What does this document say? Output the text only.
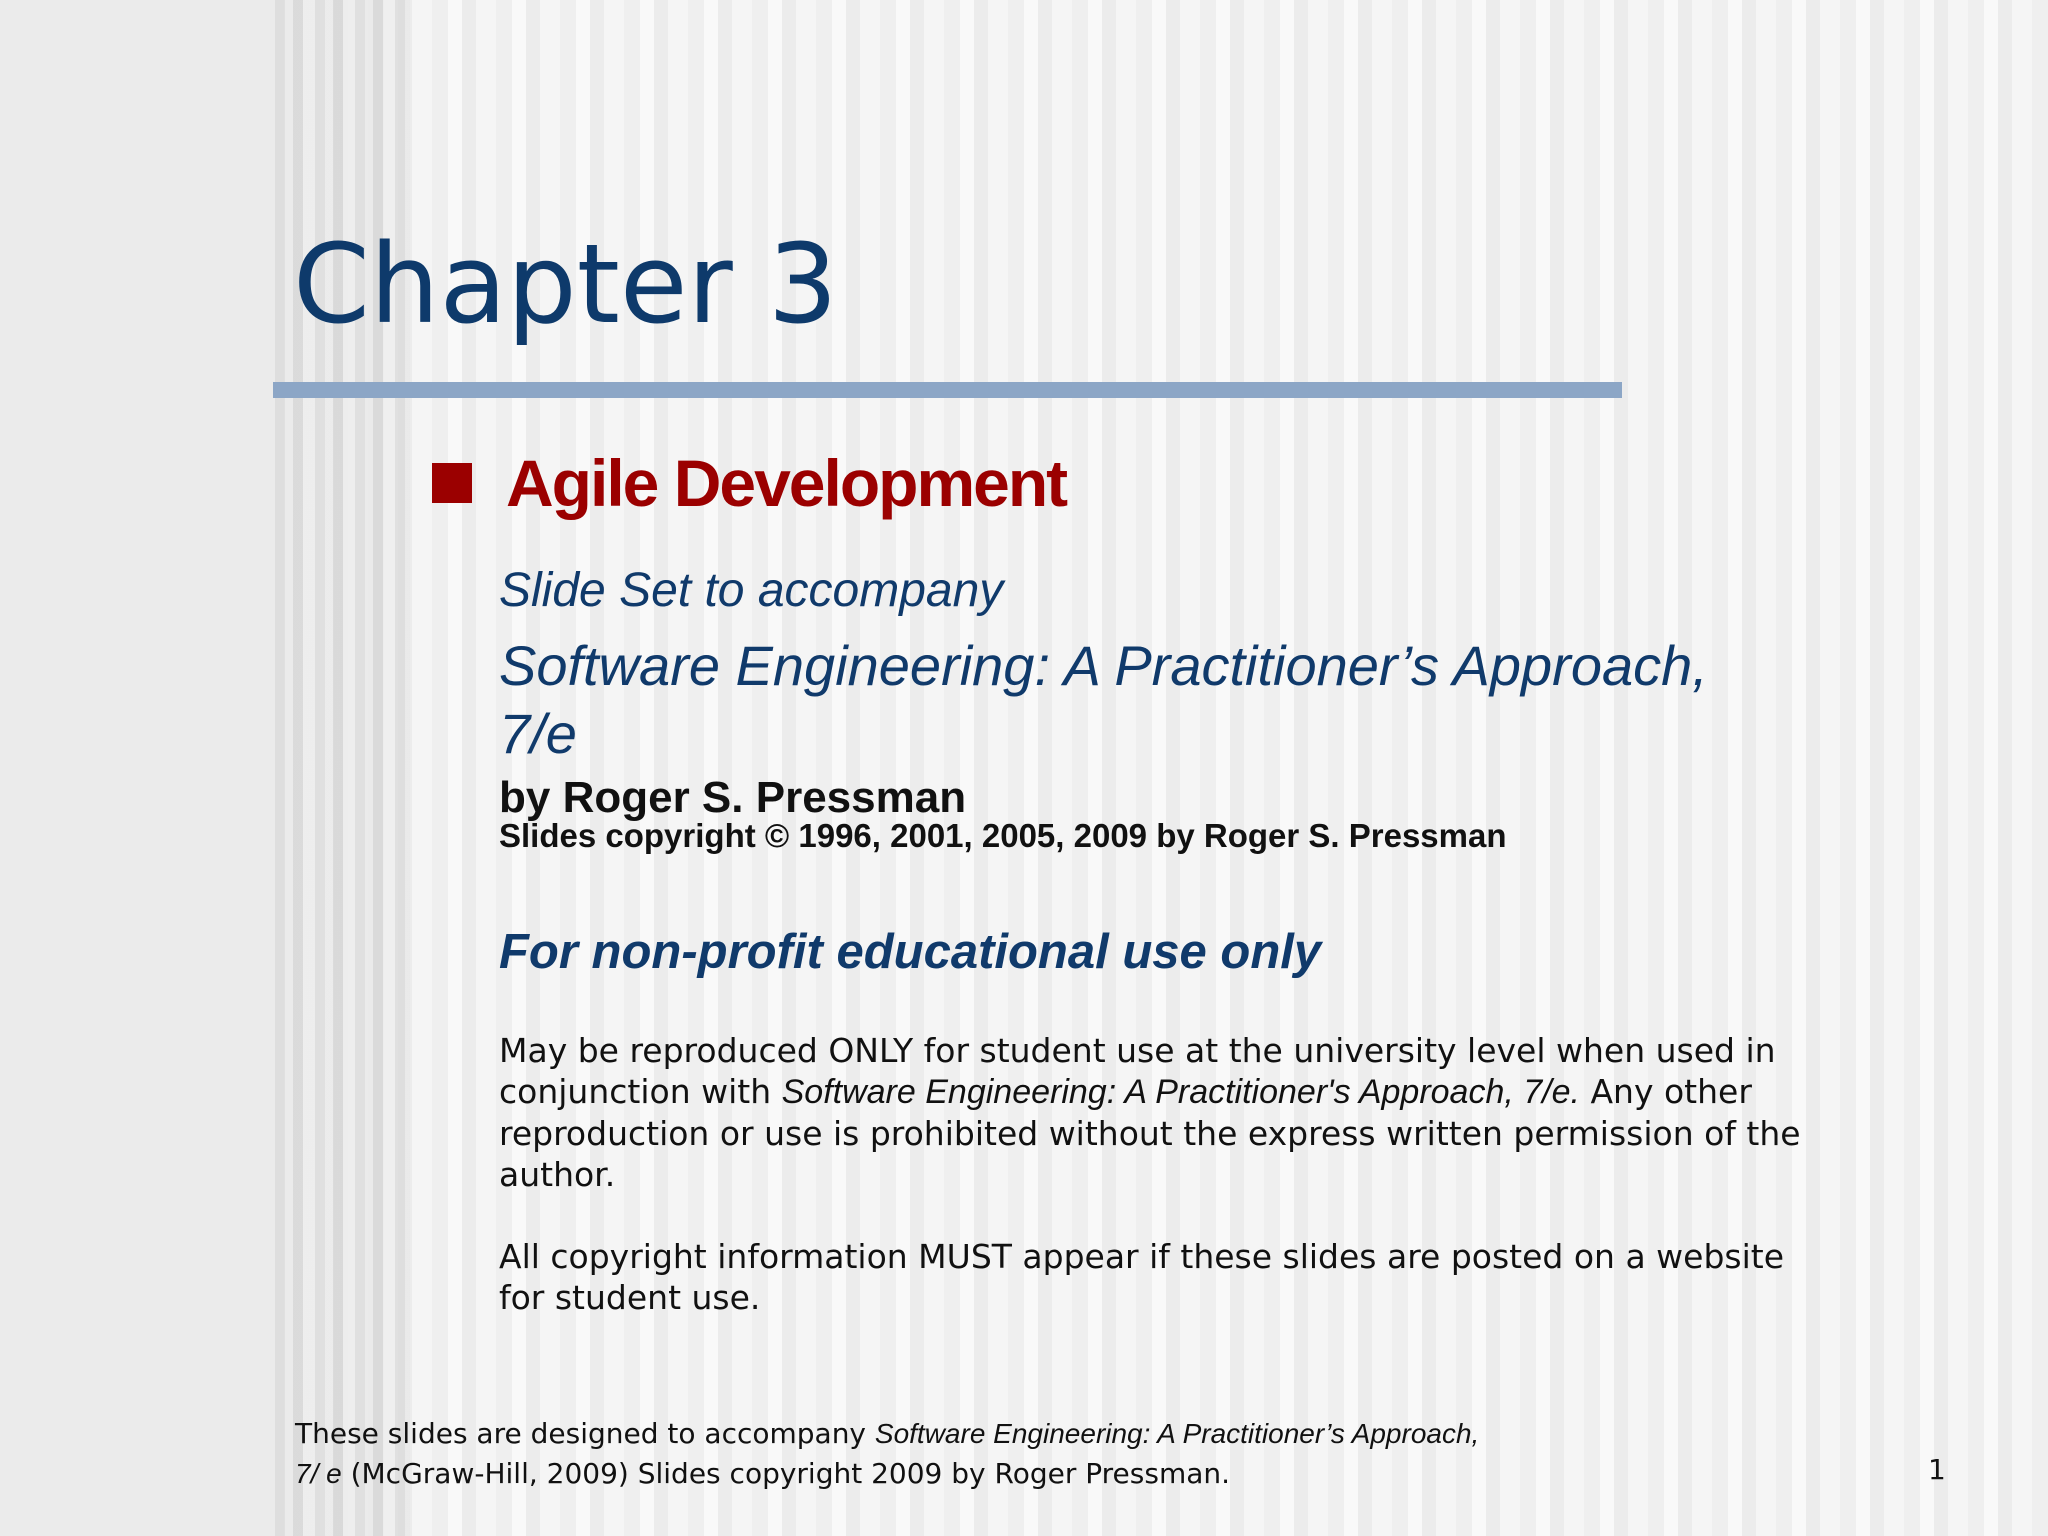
Chapter 3
Agile Development
Slide Set to accompany
Software Engineering: A Practitioner’s Approach,
7/e
by Roger S. Pressman
Slides copyright © 1996, 2001, 2005, 2009 by Roger S. Pressman
For non-profit educational use only
May be reproduced ONLY for student use at the university level when used in conjunction with Software Engineering: A Practitioner's Approach, 7/e. Any other reproduction or use is prohibited without the express written permission of the author.
All copyright information MUST appear if these slides are posted on a website for student use.
These slides are designed to accompany Software Engineering: A Practitioner’s Approach, 7/ e (McGraw-Hill, 2009) Slides copyright 2009 by Roger Pressman.	1
